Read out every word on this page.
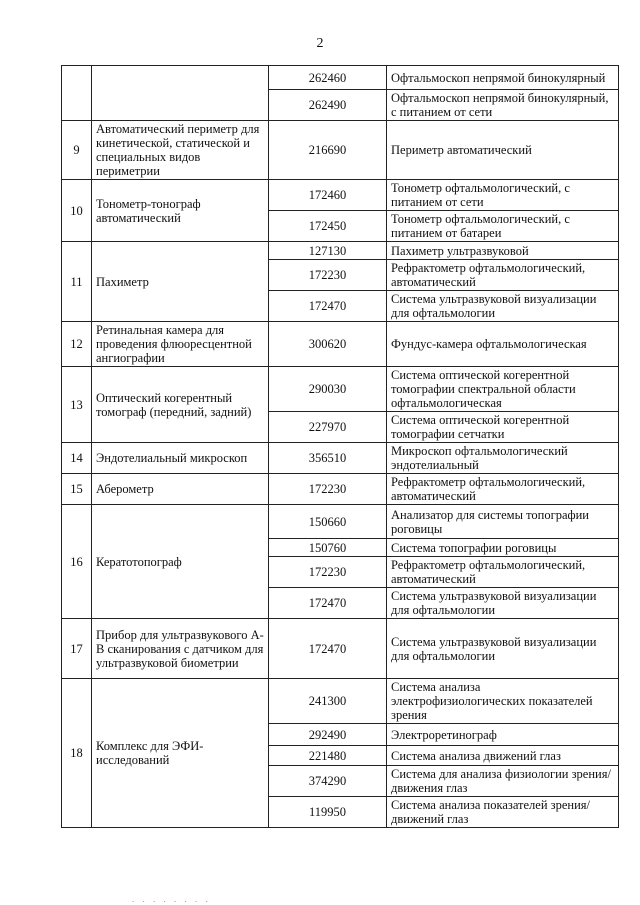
2
		262460	Офтальмоскоп непрямой бинокулярный
		262490	Офтальмоскоп непрямой бинокулярный, с питанием от сети
9	Автоматический периметр для кинетической, статической и специальных видов периметрии	216690	Периметр автоматический
10	Тонометр-тонограф автоматический	172460	Тонометр офтальмологический, с питанием от сети
		172450	Тонометр офтальмологический, с питанием от батареи
11	Пахиметр	127130	Пахиметр ультразвуковой
		172230	Рефрактометр офтальмологический, автоматический
		172470	Система ультразвуковой визуализации для офтальмологии
12	Ретинальная камера для проведения флюоресцентной ангиографии	300620	Фундус-камера офтальмологическая
13	Оптический когерентный томограф (передний, задний)	290030	Система оптической когерентной томографии спектральной области офтальмологическая
		227970	Система оптической когерентной томографии сетчатки
14	Эндотелиальный микроскоп	356510	Микроскоп офтальмологический эндотелиальный
15	Аберометр	172230	Рефрактометр офтальмологический, автоматический
16	Кератотопограф	150660	Анализатор для системы топографии роговицы
		150760	Система топографии роговицы
		172230	Рефрактометр офтальмологический, автоматический
		172470	Система ультразвуковой визуализации для офтальмологии
17	Прибор для ультразвукового А-В сканирования с датчиком для ультразвуковой биометрии	172470	Система ультразвуковой визуализации для офтальмологии
18	Комплекс для ЭФИ-исследований	241300	Система анализа электрофизиологических показателей зрения
		292490	Электроретинограф
		221480	Система анализа движений глаз
		374290	Система для анализа физиологии зрения/движения глаз
		119950	Система анализа показателей зрения/движений глаз
. . . . . . . .
